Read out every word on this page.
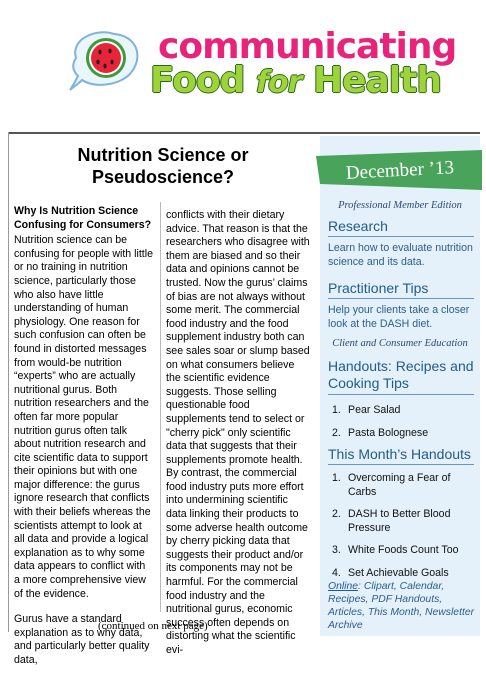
communicating
Food for Health
Nutrition Science or
Pseudoscience?
Why Is Nutrition Science Confusing for Consumers?

Nutrition science can be confusing for people with little or no training in nutrition science, particularly those who also have little understanding of human physiology. One reason for such confusion can often be found in distorted messages from would-be nutrition “experts” who are actually nutritional gurus. Both nutrition researchers and the often far more popular nutrition gurus often talk about nutrition research and cite scientific data to support their opinions but with one major difference: the gurus ignore research that conflicts with their beliefs whereas the scientists attempt to look at all data and provide a logical explanation as to why some data appears to conflict with a more comprehensive view of the evidence.

Gurus have a standard explanation as to why data, and particularly better quality data,

conflicts with their dietary advice. That reason is that the researchers who disagree with them are biased and so their data and opinions cannot be trusted. Now the gurus’ claims of bias are not always without some merit. The commercial food industry and the food supplement industry both can see sales soar or slump based on what consumers believe the scientific evidence suggests. Those selling questionable food supplements tend to select or "cherry pick" only scientific data that suggests that their supplements promote health. By contrast, the commercial food industry puts more effort into undermining scientific data linking their products to some adverse health outcome by cherry picking data that suggests their product and/or its components may not be harmful. For the commercial food industry and the nutritional gurus, economic success often depends on distorting what the scientific evi-

(continued on next page)
December ’13
Professional Member Edition
Research
Learn how to evaluate nutrition science and its data.
Practitioner Tips
Help your clients take a closer look at the DASH diet.
Client and Consumer Education
Handouts: Recipes and Cooking Tips
1. Pear Salad
2. Pasta Bolognese
This Month’s Handouts
1. Overcoming a Fear of Carbs
2. DASH to Better Blood Pressure
3. White Foods Count Too
4. Set Achievable Goals
Online: Clipart, Calendar, Recipes, PDF Handouts, Articles, This Month, Newsletter Archive
